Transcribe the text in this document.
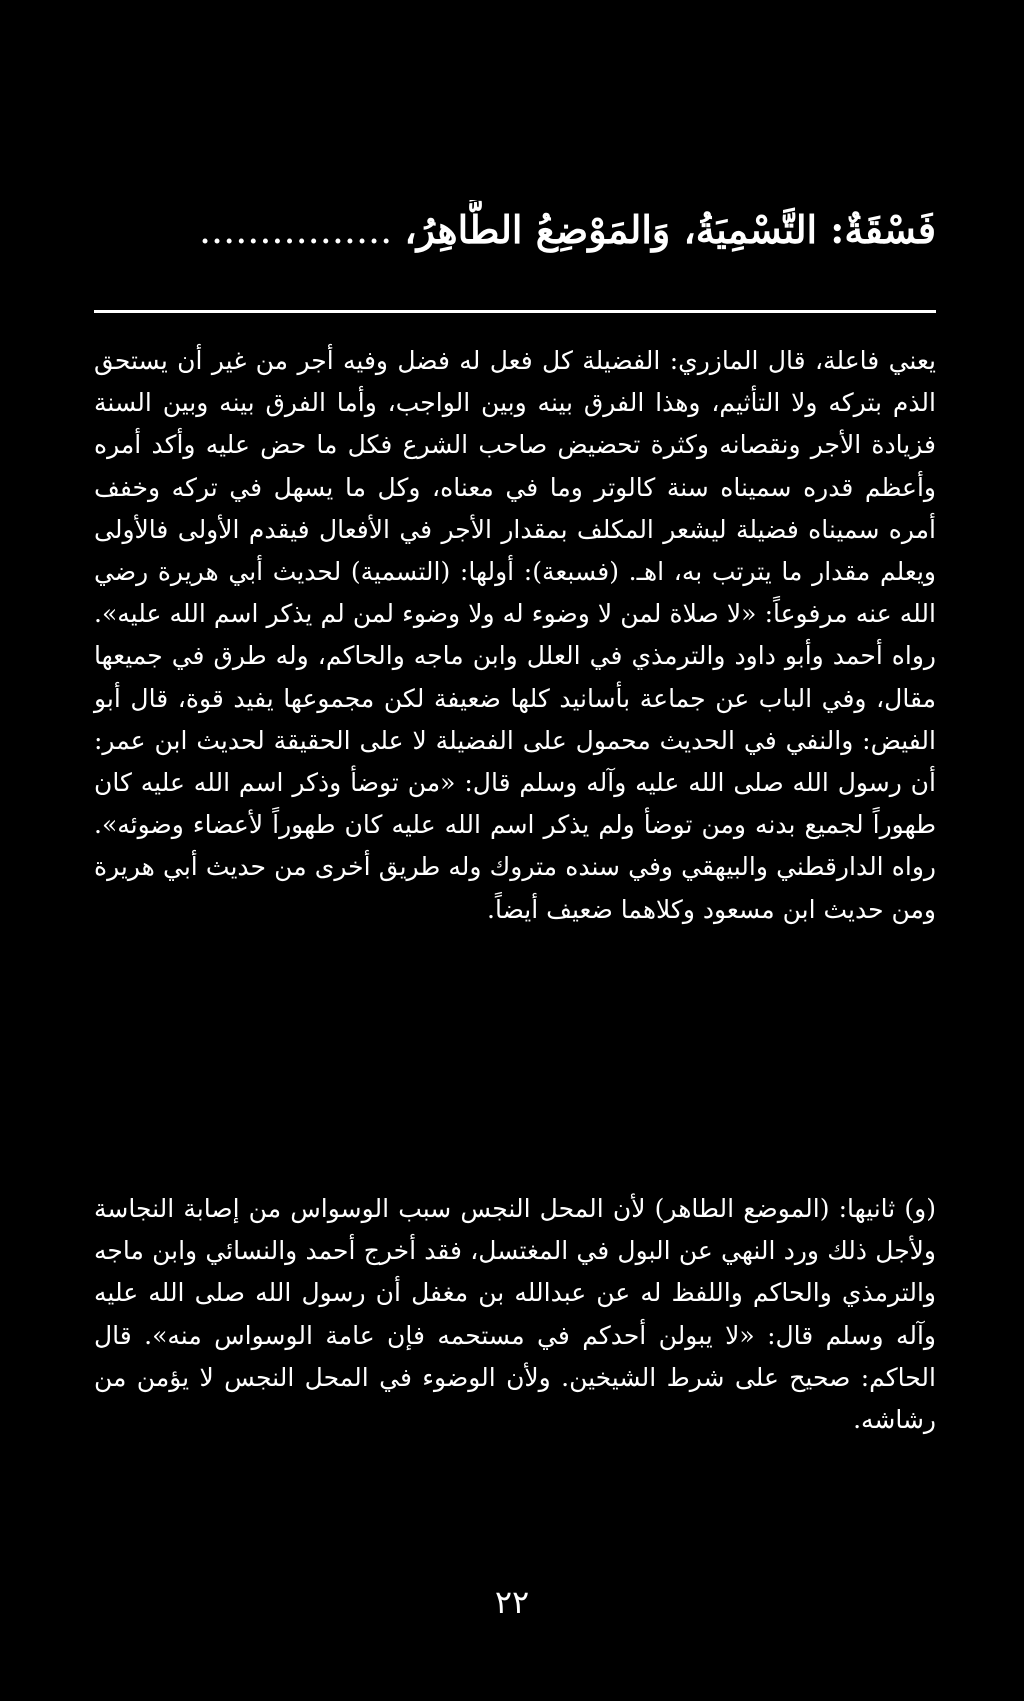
فَسْقَةٌ: التَّسْمِيَةُ، وَالمَوْضِعُ الطَّاهِرُ، ................

يعني فاعلة، قال المازري: الفضيلة كل فعل له فضل وفيه أجر من غير أن يستحق الذم بتركه ولا التأثيم، وهذا الفرق بينه وبين الواجب، وأما الفرق بينه وبين السنة فزيادة الأجر ونقصانه وكثرة تحضيض صاحب الشرع فكل ما حض عليه وأكد أمره وأعظم قدره سميناه سنة كالوتر وما في معناه، وكل ما يسهل في تركه وخفف أمره سميناه فضيلة ليشعر المكلف بمقدار الأجر في الأفعال فيقدم الأولى فالأولى ويعلم مقدار ما يترتب به، اهـ. (فسبعة): أولها: (التسمية) لحديث أبي هريرة رضي الله عنه مرفوعاً: «لا صلاة لمن لا وضوء له ولا وضوء لمن لم يذكر اسم الله عليه». رواه أحمد وأبو داود والترمذي في العلل وابن ماجه والحاكم، وله طرق في جميعها مقال، وفي الباب عن جماعة بأسانيد كلها ضعيفة لكن مجموعها يفيد قوة، قال أبو الفيض: والنفي في الحديث محمول على الفضيلة لا على الحقيقة لحديث ابن عمر: أن رسول الله صلى الله عليه وآله وسلم قال: «من توضأ وذكر اسم الله عليه كان طهوراً لجميع بدنه ومن توضأ ولم يذكر اسم الله عليه كان طهوراً لأعضاء وضوئه». رواه الدارقطني والبيهقي وفي سنده متروك وله طريق أخرى من حديث أبي هريرة ومن حديث ابن مسعود وكلاهما ضعيف أيضاً.

(و) ثانيها: (الموضع الطاهر) لأن المحل النجس سبب الوسواس من إصابة النجاسة ولأجل ذلك ورد النهي عن البول في المغتسل، فقد أخرج أحمد والنسائي وابن ماجه والترمذي والحاكم واللفظ له عن عبدالله بن مغفل أن رسول الله صلى الله عليه وآله وسلم قال: «لا يبولن أحدكم في مستحمه فإن عامة الوسواس منه». قال الحاكم: صحيح على شرط الشيخين. ولأن الوضوء في المحل النجس لا يؤمن من رشاشه.

٢٢
